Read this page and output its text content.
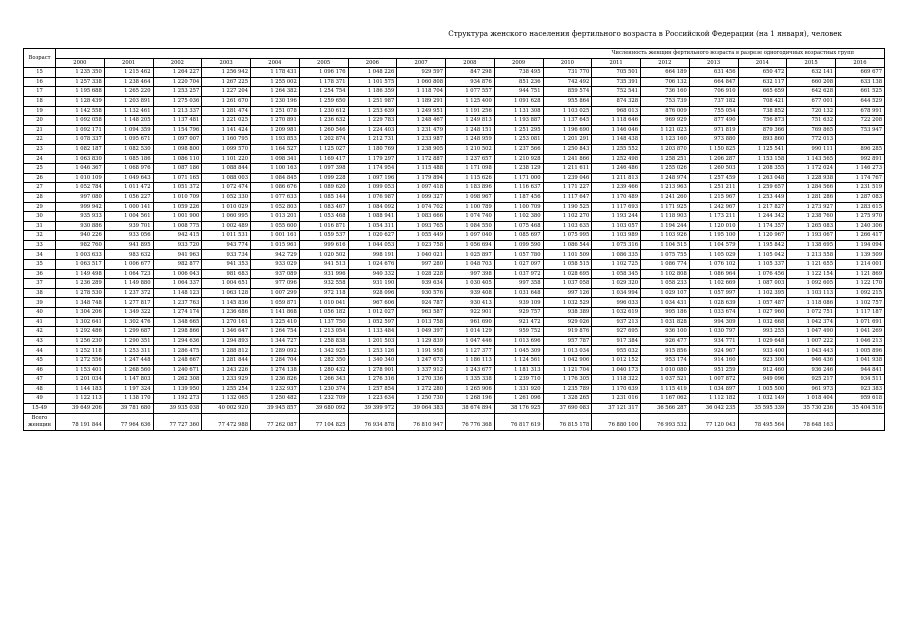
Структура женского населения фертильного возраста в Российской Федерации (на 1 января), человек
Возраст	Численность женщин фертильного возраста в разрезе одногодичных возрастных групп																
	2000	2001	2002	2003	2004	2005	2006	2007	2008	2009	2010	2011	2012	2013	2014	2015	2016
15	1 235 350	1 215 462	1 264 227	1 256 942	1 178 431	1 096 176	1 048 226	929 597	847 298	738 495	731 770	705 501	664 189	631 456	650 472	632 141	669 677
16	1 257 338	1 238 464	1 220 704	1 267 225	1 255 002	1 178 371	1 101 575	1 060 808	934 876	851 236	742 492	735 391	706 132	664 847	632 117	660 208	633 138
17	1 195 688	1 265 220	1 253 257	1 227 204	1 264 382	1 254 754	1 186 359	1 118 704	1 077 557	944 751	859 574	752 541	736 160	706 910	665 659	642 628	661 525
18	1 128 439	1 203 891	1 275 036	1 261 670	1 230 196	1 259 650	1 251 987	1 189 291	1 125 400	1 091 628	955 864	874 328	753 739	737 182	708 421	677 001	644 529
19	1 142 558	1 132 461	1 213 337	1 281 474	1 251 078	1 230 612	1 253 639	1 249 951	1 191 256	1 131 308	1 103 025	968 013	876 009	755 054	738 852	720 132	678 991
20	1 092 058	1 148 205	1 137 481	1 221 025	1 270 891	1 236 632	1 229 783	1 248 467	1 249 813	1 193 887	1 137 645	1 118 646	969 929	877 490	756 873	751 632	722 208
21	1 092 171	1 094 359	1 154 796	1 141 424	1 209 981	1 260 546	1 224 403	1 231 479	1 248 151	1 251 295	1 196 690	1 146 046	1 121 023	971 819	879 366	769 865	753 947
22	1 078 337	1 095 671	1 097 007	1 160 795	1 193 853	1 202 874	1 212 731	1 233 987	1 248 959	1 253 081	1 201 291	1 148 438	1 123 160	973 880	893 860	772 013	
23	1 082 187	1 082 530	1 098 800	1 099 570	1 164 527	1 125 027	1 180 769	1 238 905	1 210 502	1 237 566	1 250 843	1 255 552	1 203 870	1 150 825	1 125 541	990 111	896 285
24	1 063 830	1 085 186	1 086 110	1 101 220	1 098 341	1 169 417	1 179 297	1 172 887	1 237 657	1 210 928	1 241 866	1 252 498	1 258 251	1 206 287	1 153 158	1 143 565	992 891
25	1 046 367	1 068 976	1 087 186	1 088 844	1 100 163	1 097 398	1 174 954	1 115 488	1 171 098	1 238 129	1 211 611	1 246 486	1 255 026	1 260 503	1 208 355	1 172 024	1 146 273
26	1 010 109	1 049 643	1 071 165	1 088 003	1 084 845	1 099 228	1 097 196	1 179 894	1 115 626	1 171 000	1 239 046	1 211 813	1 248 974	1 257 459	1 263 048	1 228 938	1 174 767
27	1 052 784	1 011 472	1 051 372	1 072 474	1 086 676	1 089 620	1 099 053	1 097 418	1 183 896	1 116 637	1 171 227	1 239 466	1 213 963	1 251 211	1 259 657	1 284 566	1 231 519
28	997 080	1 056 227	1 010 709	1 052 330	1 077 633	1 085 144	1 076 987	1 099 327	1 098 967	1 187 456	1 117 647	1 170 489	1 241 260	1 215 967	1 253 449	1 281 286	1 287 083
29	999 942	1 000 141	1 059 226	1 010 029	1 052 803	1 083 467	1 084 092	1 074 702	1 100 789	1 100 709	1 190 525	1 117 693	1 171 925	1 242 967	1 217 827	1 273 927	1 283 615
30	935 933	1 004 561	1 001 900	1 060 995	1 013 201	1 053 468	1 088 941	1 083 666	1 074 740	1 102 380	1 102 270	1 193 244	1 118 903	1 173 211	1 244 342	1 238 760	1 275 970
31	930 886	939 701	1 008 775	1 002 489	1 055 600	1 016 871	1 054 311	1 093 765	1 084 550	1 075 468	1 103 635	1 103 057	1 194 244	1 120 010	1 174 357	1 265 083	1 240 306
32	940 226	933 056	942 415	1 011 531	1 001 161	1 059 537	1 020 627	1 055 449	1 097 040	1 085 697	1 075 995	1 103 989	1 103 926	1 195 100	1 120 967	1 193 067	1 266 417
33	982 760	941 895	933 720	943 774	1 015 961	999 616	1 044 053	1 023 758	1 056 694	1 099 590	1 086 544	1 075 316	1 104 515	1 104 579	1 195 842	1 138 695	1 194 094
34	1 003 633	983 632	941 963	933 734	942 729	1 020 502	998 191	1 040 021	1 025 897	1 057 780	1 101 509	1 086 335	1 075 755	1 105 029	1 105 042	1 213 558	1 139 509
35	1 063 517	1 006 677	982 877	941 353	933 029	941 513	1 024 676	997 280	1 048 703	1 027 097	1 058 515	1 102 725	1 086 774	1 076 102	1 105 337	1 121 655	1 214 001
36	1 149 498	1 064 723	1 006 043	981 683	937 089	931 996	940 332	1 028 228	997 398	1 037 972	1 028 695	1 058 345	1 102 808	1 086 964	1 076 456	1 122 154	1 121 869
37	1 236 289	1 149 880	1 064 337	1 004 651	977 096	932 558	931 190	939 634	1 030 405	997 358	1 037 058	1 029 320	1 058 233	1 102 669	1 087 003	1 092 605	1 122 170
38	1 278 530	1 237 372	1 148 123	1 063 128	1 007 299	972 118	928 096	930 576	939 408	1 031 648	997 126	1 034 994	1 029 107	1 057 997	1 102 395	1 103 113	1 092 215
39	1 348 748	1 277 817	1 237 763	1 145 836	1 059 871	1 010 041	967 606	924 787	930 413	939 109	1 032 529	996 033	1 034 431	1 028 639	1 057 487	1 118 086	1 102 757
40	1 304 206	1 349 322	1 274 174	1 236 686	1 141 868	1 056 182	1 012 027	963 587	922 901	929 757	938 389	1 032 619	995 186	1 033 674	1 027 960	1 072 751	1 117 187
41	1 302 641	1 302 476	1 348 665	1 270 161	1 225 410	1 137 750	1 052 597	1 013 758	961 690	921 472	929 026	937 213	1 031 828	994 309	1 032 668	1 042 374	1 071 691
42	1 292 486	1 299 687	1 298 866	1 346 647	1 264 754	1 213 054	1 133 484	1 049 397	1 014 129	959 752	919 876	927 695	936 100	1 030 797	993 255	1 047 490	1 041 269
43	1 256 230	1 290 351	1 294 636	1 294 893	1 344 727	1 258 838	1 201 503	1 129 839	1 047 446	1 013 696	957 787	917 384	926 477	934 771	1 029 648	1 007 222	1 046 213
44	1 252 118	1 253 311	1 286 475	1 288 812	1 289 092	1 342 925	1 253 126	1 191 958	1 127 377	1 045 309	1 013 034	955 032	915 856	924 967	933 400	1 043 443	1 005 896
45	1 272 556	1 247 448	1 248 667	1 281 844	1 284 704	1 282 350	1 340 340	1 247 673	1 186 113	1 124 561	1 042 906	1 012 152	953 174	914 160	923 300	946 436	1 041 938
46	1 153 401	1 268 560	1 240 671	1 243 226	1 274 138	1 280 432	1 278 901	1 337 912	1 243 677	1 181 313	1 121 704	1 040 173	1 010 080	951 259	912 460	936 246	944 841
47	1 201 034	1 147 803	1 262 308	1 233 929	1 236 826	1 266 343	1 276 316	1 270 336	1 335 338	1 239 710	1 176 305	1 118 322	1 037 521	1 007 872	949 096	925 217	934 511
48	1 144 183	1 197 324	1 139 950	1 255 254	1 232 937	1 230 374	1 257 854	1 272 280	1 265 906	1 331 920	1 235 789	1 170 639	1 115 419	1 034 897	1 005 500	961 973	923 383
49	1 122 113	1 138 170	1 192 273	1 132 065	1 250 482	1 232 709	1 223 634	1 250 730	1 268 196	1 261 096	1 328 265	1 231 016	1 167 062	1 112 182	1 032 149	1 018 404	959 618
15-49	39 649 206	39 781 680	39 935 038	40 002 920	39 945 857	39 680 092	39 399 972	39 064 383	38 674 894	38 176 925	37 690 083	37 121 317	36 566 287	36 042 235	35 595 339	35 730 236	35 404 516

Всего
женщин	78 191 844	77 964 636	77 727 360	77 472 988	77 262 087	77 104 825	76 934 878	76 810 947	76 776 368	76 817 619	76 815 178	76 880 100	76 993 532	77 120 043	78 495 564	78 648 163	
